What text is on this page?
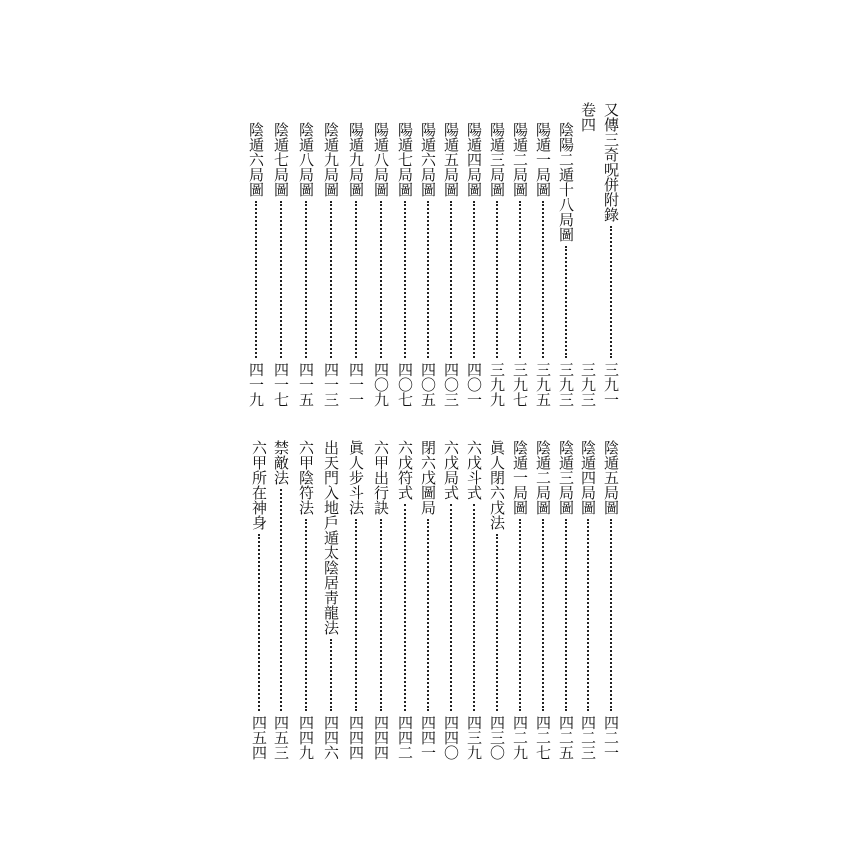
又傳三奇呪併附錄
三九一
卷四
三九三
陰陽二遁十八局圖
三九三
陽遁一局圖
三九五
陽遁二局圖
三九七
陽遁三局圖
三九九
陽遁四局圖
四〇一
陽遁五局圖
四〇三
陽遁六局圖
四〇五
陽遁七局圖
四〇七
陽遁八局圖
四〇九
陽遁九局圖
四一一
陰遁九局圖
四一三
陰遁八局圖
四一五
陰遁七局圖
四一七
陰遁六局圖
四一九
陰遁五局圖
四二一
陰遁四局圖
四二三
陰遁三局圖
四二五
陰遁二局圖
四二七
陰遁一局圖
四二九
眞人閉六戊法
四三〇
六戊斗式
四三九
六戊局式
四四〇
閉六戊圖局
四四一
六戊符式
四四二
六甲出行訣
四四四
眞人步斗法
四四四
出天門入地戶遁太陰居靑龍法
四四六
六甲陰符法
四四九
禁敵法
四五三
六甲所在神身
四五四
